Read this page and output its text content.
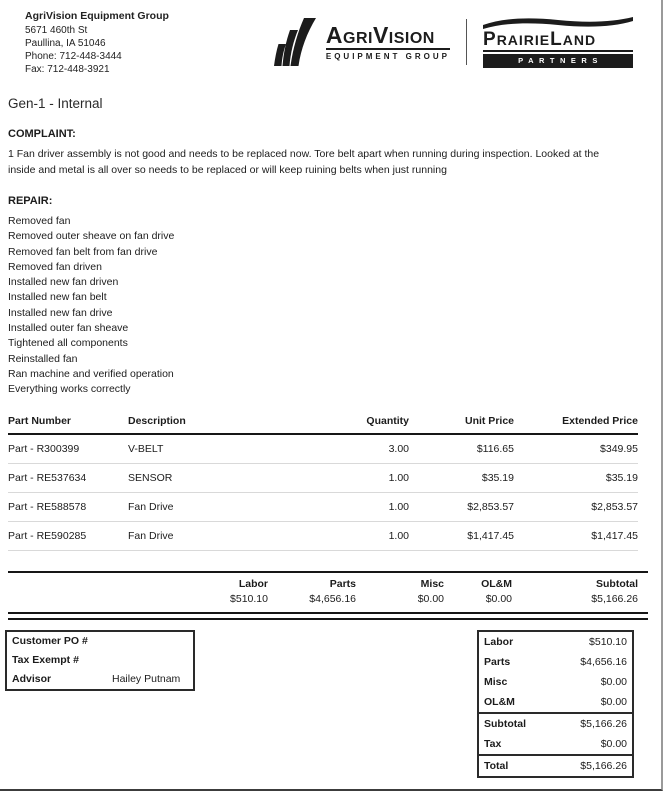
AgriVision Equipment Group
5671 460th St
Paullina, IA 51046
Phone: 712-448-3444
Fax: 712-448-3921
AGRIVISION
EQUIPMENT GROUP
PRAIRIELAND
PARTNERS
Gen-1 - Internal
COMPLAINT:
1 Fan driver assembly is not good and needs to be replaced now. Tore belt apart when running during inspection. Looked at the inside and metal is all over so needs to be replaced or will keep ruining belts when just running
REPAIR:
Removed fan
Removed outer sheave on fan drive
Removed fan belt from fan drive
Removed fan driven
Installed new fan driven
Installed new fan belt
Installed new fan drive
Installed outer fan sheave
Tightened all components
Reinstalled fan
Ran machine and verified operation
Everything works correctly
Part Number	Description	Quantity	Unit Price	Extended Price
Part - R300399	V-BELT	3.00	$116.65	$349.95
Part - RE537634	SENSOR	1.00	$35.19	$35.19
Part - RE588578	Fan Drive	1.00	$2,853.57	$2,853.57
Part - RE590285	Fan Drive	1.00	$1,417.45	$1,417.45
Labor	Parts	Misc	OL&M	Subtotal
$510.10	$4,656.16	$0.00	$0.00	$5,166.26
Customer PO #
Tax Exempt #
Advisor	Hailey Putnam
Labor	$510.10
Parts	$4,656.16
Misc	$0.00
OL&M	$0.00
Subtotal	$5,166.26
Tax	$0.00
Total	$5,166.26
